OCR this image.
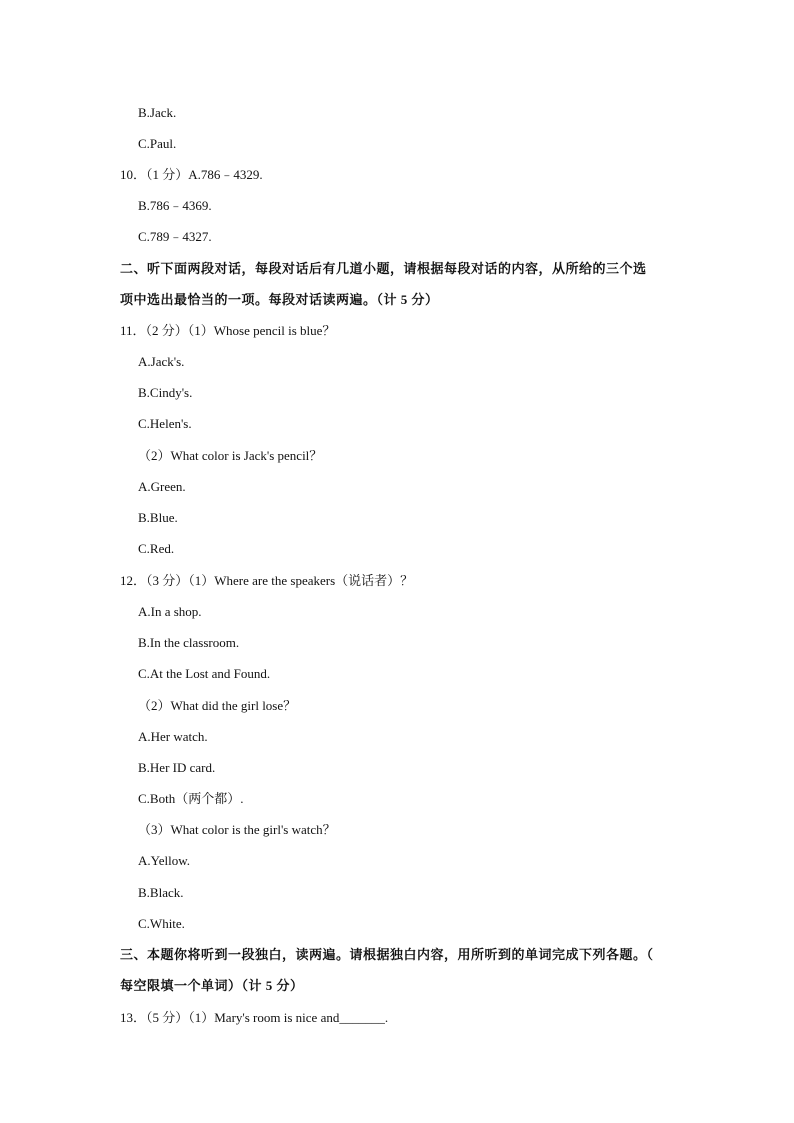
B.Jack.
C.Paul.
10．（1 分）A.786﹣4329.
B.786﹣4369.
C.789﹣4327.
二、听下面两段对话，每段对话后有几道小题，请根据每段对话的内容，从所给的三个选
项中选出最恰当的一项。每段对话读两遍。（计 5 分）
11．（2 分）（1）Whose pencil is blue？
A.Jack's.
B.Cindy's.
C.Helen's.
（2）What color is Jack's pencil？
A.Green.
B.Blue.
C.Red.
12．（3 分）（1）Where are the speakers（说话者）？
A.In a shop.
B.In the classroom.
C.At the Lost and Found.
（2）What did the girl lose？
A.Her watch.
B.Her ID card.
C.Both（两个都）.
（3）What color is the girl's watch？
A.Yellow.
B.Black.
C.White.
三、本题你将听到一段独白，读两遍。请根据独白内容，用所听到的单词完成下列各题。（
每空限填一个单词）（计 5 分）
13．（5 分）（1）Mary's room is nice and_______.
